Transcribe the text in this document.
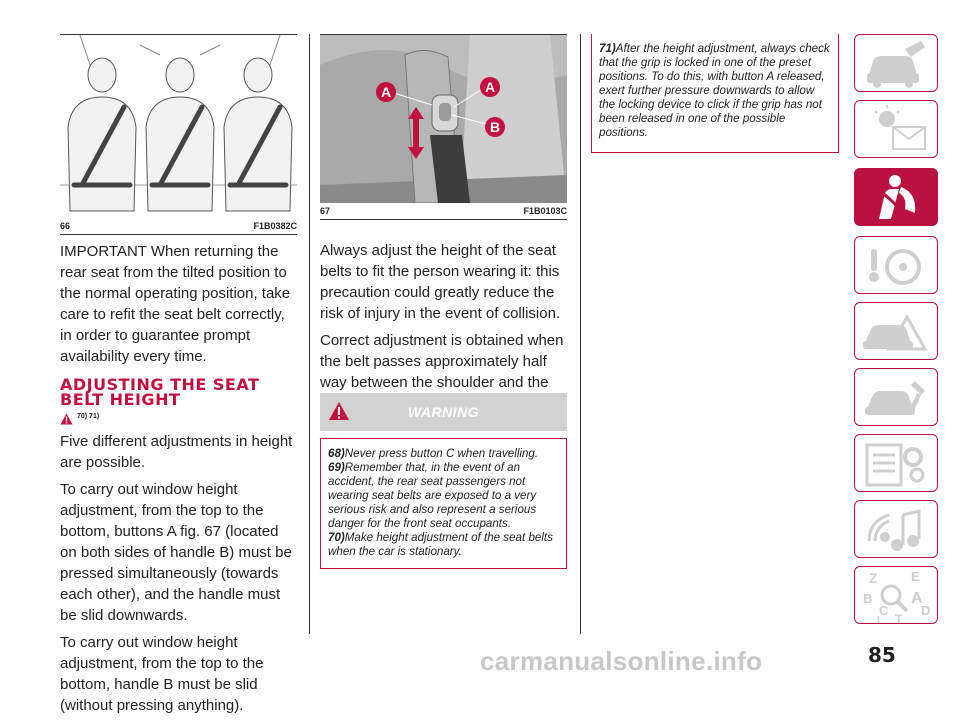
66	F1B0382C

IMPORTANT When returning the rear seat from the tilted position to the normal operating position, take care to refit the seat belt correctly, in order to guarantee prompt availability every time.

ADJUSTING THE SEAT
BELT HEIGHT
70) 71)

Five different adjustments in height are possible.

To carry out window height adjustment, from the top to the bottom, buttons A fig. 67 (located on both sides of handle B) must be pressed simultaneously (towards each other), and the handle must be slid downwards.

To carry out window height adjustment, from the top to the bottom, handle B must be slid (without pressing anything).

A	A
B
67	F1B0103C

Always adjust the height of the seat belts to fit the person wearing it: this precaution could greatly reduce the risk of injury in the event of collision.

Correct adjustment is obtained when the belt passes approximately half way between the shoulder and the

WARNING
68)Never press button C when travelling.
69)Remember that, in the event of an accident, the rear seat passengers not wearing seat belts are exposed to a very serious risk and also represent a serious danger for the front seat occupants.
70)Make height adjustment of the seat belts when the car is stationary.
71)After the height adjustment, always check that the grip is locked in one of the preset positions. To do this, with button A released, exert further pressure downwards to allow the locking device to click if the grip has not been released in one of the possible positions.
Z	E
B A
C
T
D
I
85
carmanualsonline.info
